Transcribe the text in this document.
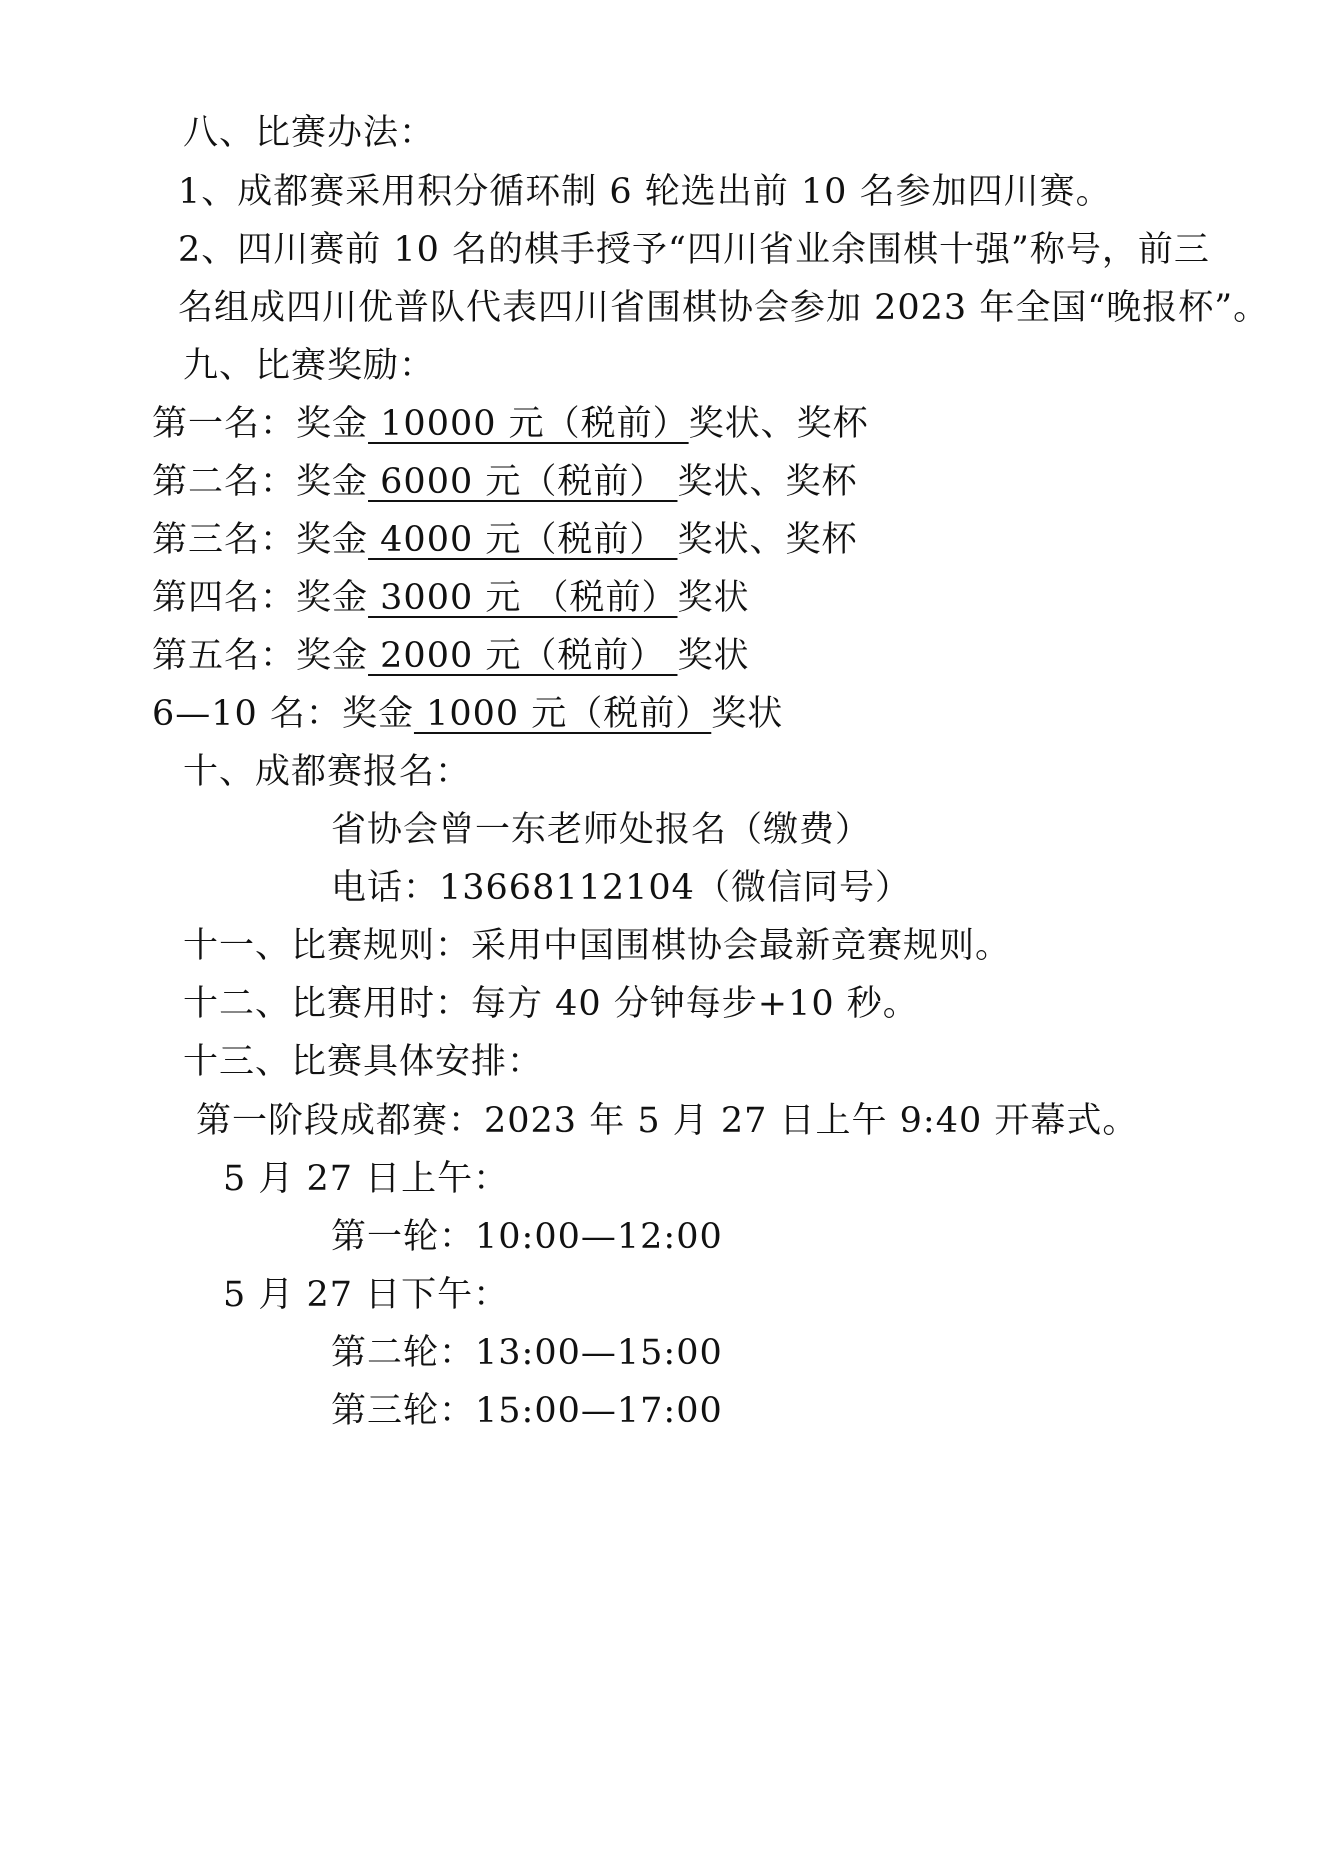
八、比赛办法：
1、成都赛采用积分循环制 6 轮选出前 10 名参加四川赛。
2、四川赛前 10 名的棋手授予“四川省业余围棋十强”称号，前三
名组成四川优普队代表四川省围棋协会参加 2023 年全国“晚报杯”。
九、比赛奖励：
第一名：奖金 10000 元（税前）奖状、奖杯
第二名：奖金 6000 元（税前） 奖状、奖杯
第三名：奖金 4000 元（税前） 奖状、奖杯
第四名：奖金 3000 元 （税前）奖状
第五名：奖金 2000 元（税前） 奖状
6—10 名：奖金 1000 元（税前）奖状
十、成都赛报名：
省协会曾一东老师处报名（缴费）
电话：13668112104（微信同号）
十一、比赛规则：采用中国围棋协会最新竞赛规则。
十二、比赛用时：每方 40 分钟每步+10 秒。
十三、比赛具体安排：
第一阶段成都赛：2023 年 5 月 27 日上午 9:40 开幕式。
5 月 27 日上午：
第一轮：10:00—12:00
5 月 27 日下午：
第二轮：13:00—15:00
第三轮：15:00—17:00
